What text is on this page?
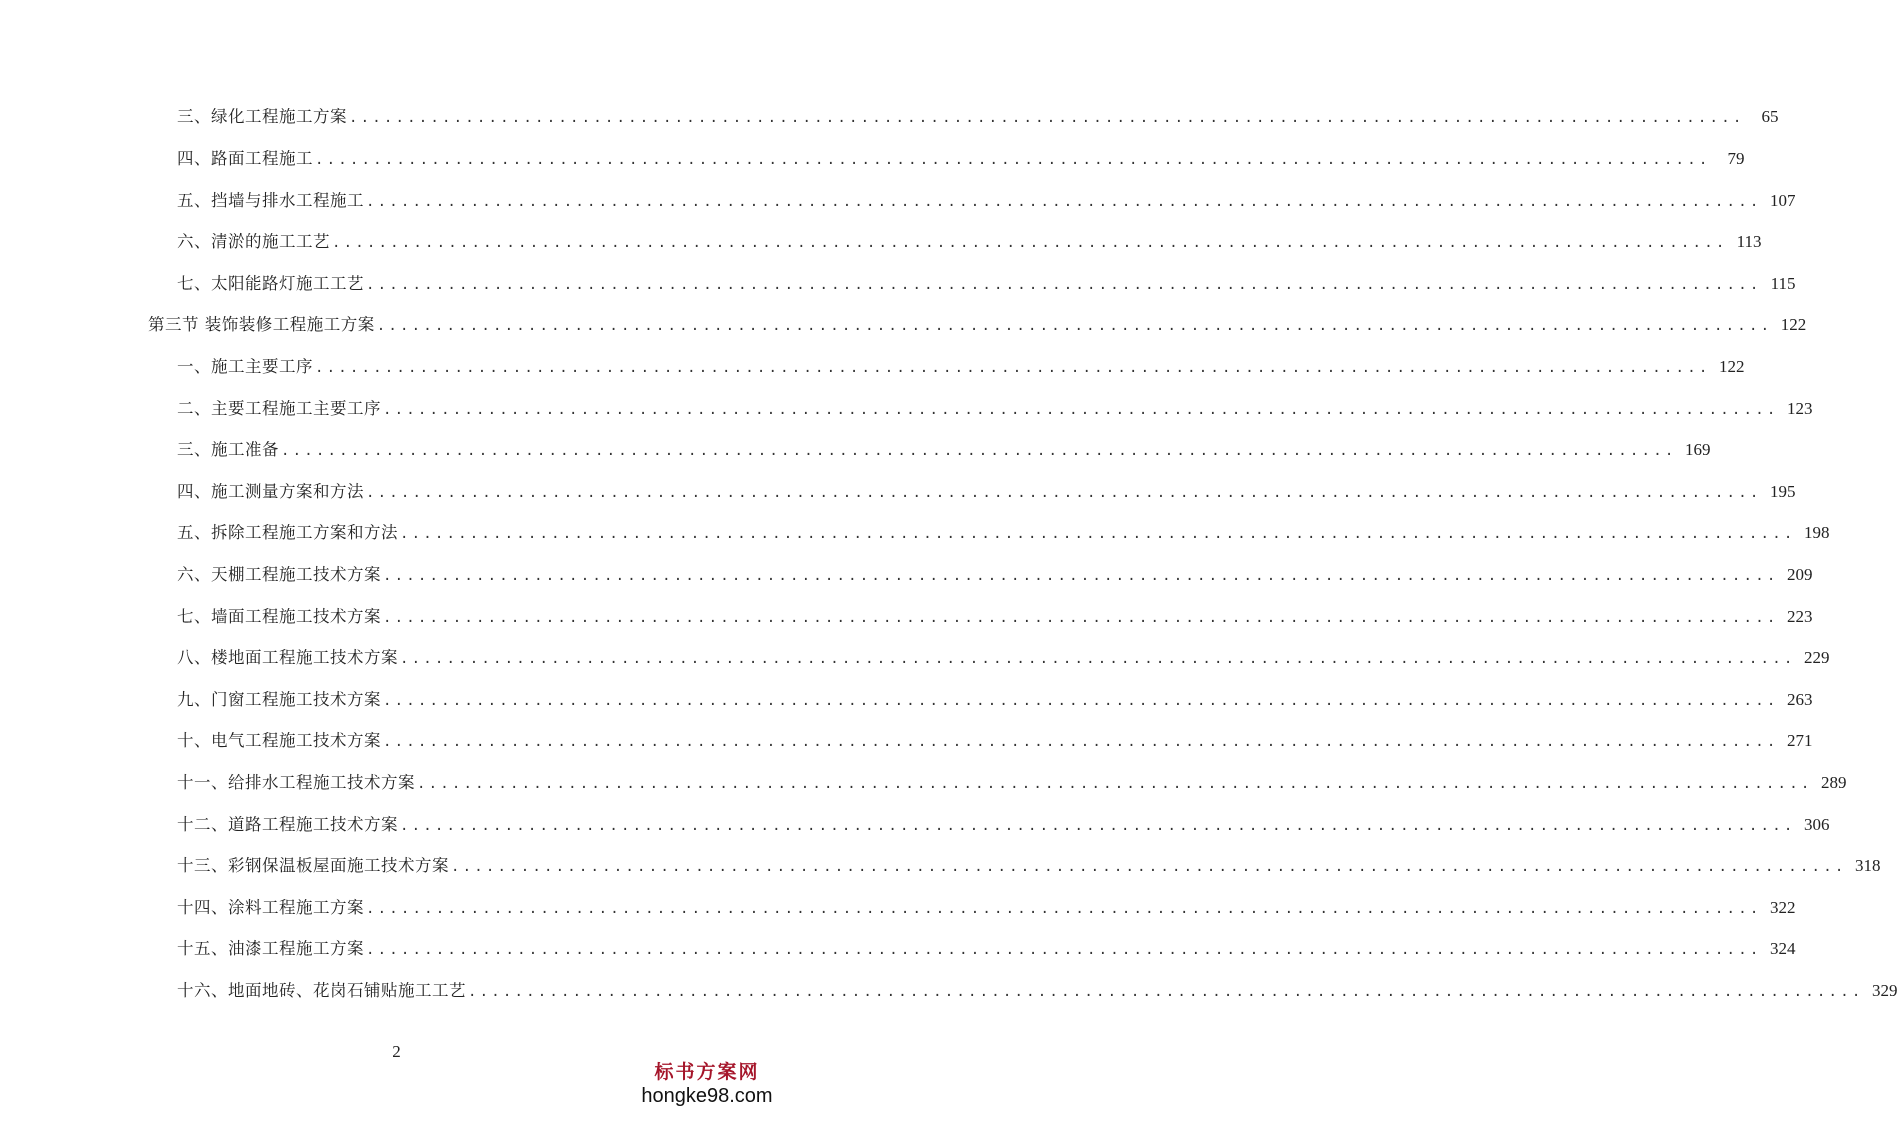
三、绿化工程施工方案 ........................................................................................................................	65
四、路面工程施工 ........................................................................................................................	79
五、挡墙与排水工程施工 ........................................................................................................................ 107
六、清淤的施工工艺 ........................................................................................................................ 113
七、太阳能路灯施工工艺 ........................................................................................................................ 115
第三节 装饰装修工程施工方案 ........................................................................................................................ 122
一、施工主要工序 ........................................................................................................................ 122
二、主要工程施工主要工序 ........................................................................................................................ 123
三、施工准备 ........................................................................................................................ 169
四、施工测量方案和方法 ........................................................................................................................ 195
五、拆除工程施工方案和方法 ........................................................................................................................ 198
六、天棚工程施工技术方案 ........................................................................................................................ 209
七、墙面工程施工技术方案 ........................................................................................................................ 223
八、楼地面工程施工技术方案 ........................................................................................................................ 229
九、门窗工程施工技术方案 ........................................................................................................................ 263
十、电气工程施工技术方案 ........................................................................................................................ 271
十一、给排水工程施工技术方案 ........................................................................................................................ 289
十二、道路工程施工技术方案 ........................................................................................................................ 306
十三、彩钢保温板屋面施工技术方案 ........................................................................................................................ 318
十四、涂料工程施工方案 ........................................................................................................................ 322
十五、油漆工程施工方案 ........................................................................................................................ 324
十六、地面地砖、花岗石铺贴施工工艺 ........................................................................................................................ 329
2
标书方案网
hongke98.com
